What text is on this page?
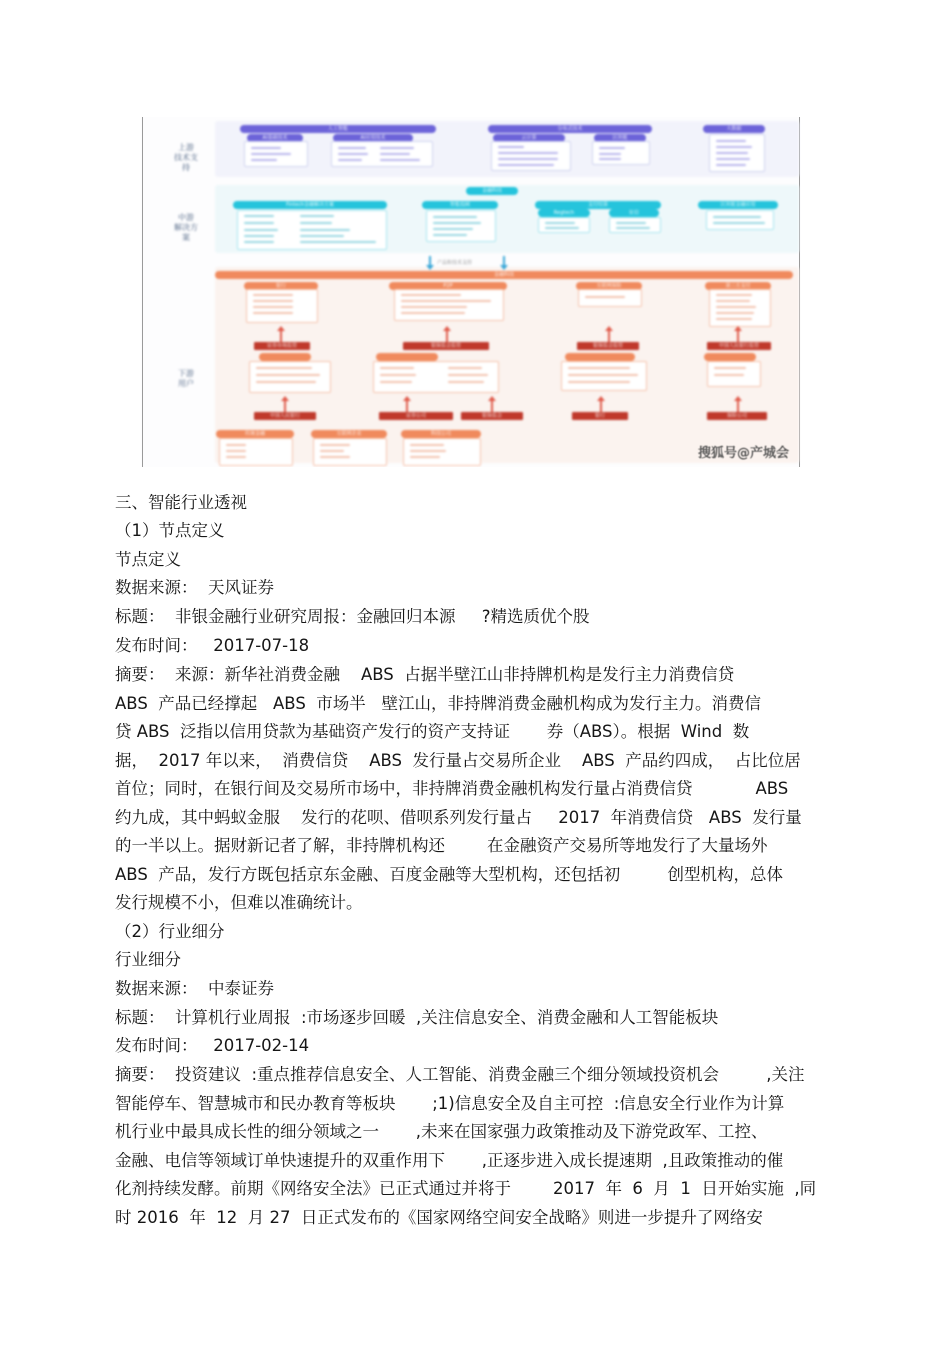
上游
技术支持
中游
解决方案
下游
用户
人工智能
AI基础技术	AI应用技术
分布式技术
云计算	区块链
大数据
金融科技
Fintech金融解决方案	智能投顾	支付结算
Regtech	征信
区块链金融应用
产品和技术支持
金融科技
银行	P2P	互联网保险	第三方支付
证券市场监管	银保监会监管	银保监会监管	中国人民银行监管
中国人民银行	证券公司	银保监会	银行	保险公司
传统金融	互联网企业	科技公司
搜狐号@产城会
三、智能行业透视
（1）节点定义
节点定义
数据来源：  天风证券
标题：  非银金融行业研究周报：金融回归本源     ?精选质优个股
发布时间：   2017-07-18
摘要：  来源：新华社消费金融    ABS  占据半壁江山非持牌机构是发行主力消费信贷
ABS  产品已经撑起   ABS  市场半   壁江山，非持牌消费金融机构成为发行主力。消费信
贷 ABS  泛指以信用贷款为基础资产发行的资产支持证       券（ABS）。根据  Wind  数
据，  2017 年以来，  消费信贷    ABS  发行量占交易所企业    ABS  产品约四成，  占比位居
首位；同时，在银行间及交易所市场中，非持牌消费金融机构发行量占消费信贷            ABS
约九成，其中蚂蚁金服    发行的花呗、借呗系列发行量占     2017  年消费信贷   ABS  发行量
的一半以上。据财新记者了解，非持牌机构还        在金融资产交易所等地发行了大量场外
ABS  产品，发行方既包括京东金融、百度金融等大型机构，还包括初         创型机构，总体
发行规模不小，但难以准确统计。
（2）行业细分
行业细分
数据来源：  中泰证券
标题：  计算机行业周报  :市场逐步回暖  ,关注信息安全、消费金融和人工智能板块
发布时间：   2017-02-14
摘要：  投资建议  :重点推荐信息安全、人工智能、消费金融三个细分领域投资机会         ,关注
智能停车、智慧城市和民办教育等板块       ;1)信息安全及自主可控  :信息安全行业作为计算
机行业中最具成长性的细分领域之一       ,未来在国家强力政策推动及下游党政军、工控、
金融、电信等领域订单快速提升的双重作用下       ,正逐步进入成长提速期  ,且政策推动的催
化剂持续发酵。前期《网络安全法》已正式通过并将于        2017  年  6  月  1  日开始实施  ,同
时 2016  年  12  月 27  日正式发布的《国家网络空间安全战略》则进一步提升了网络安
